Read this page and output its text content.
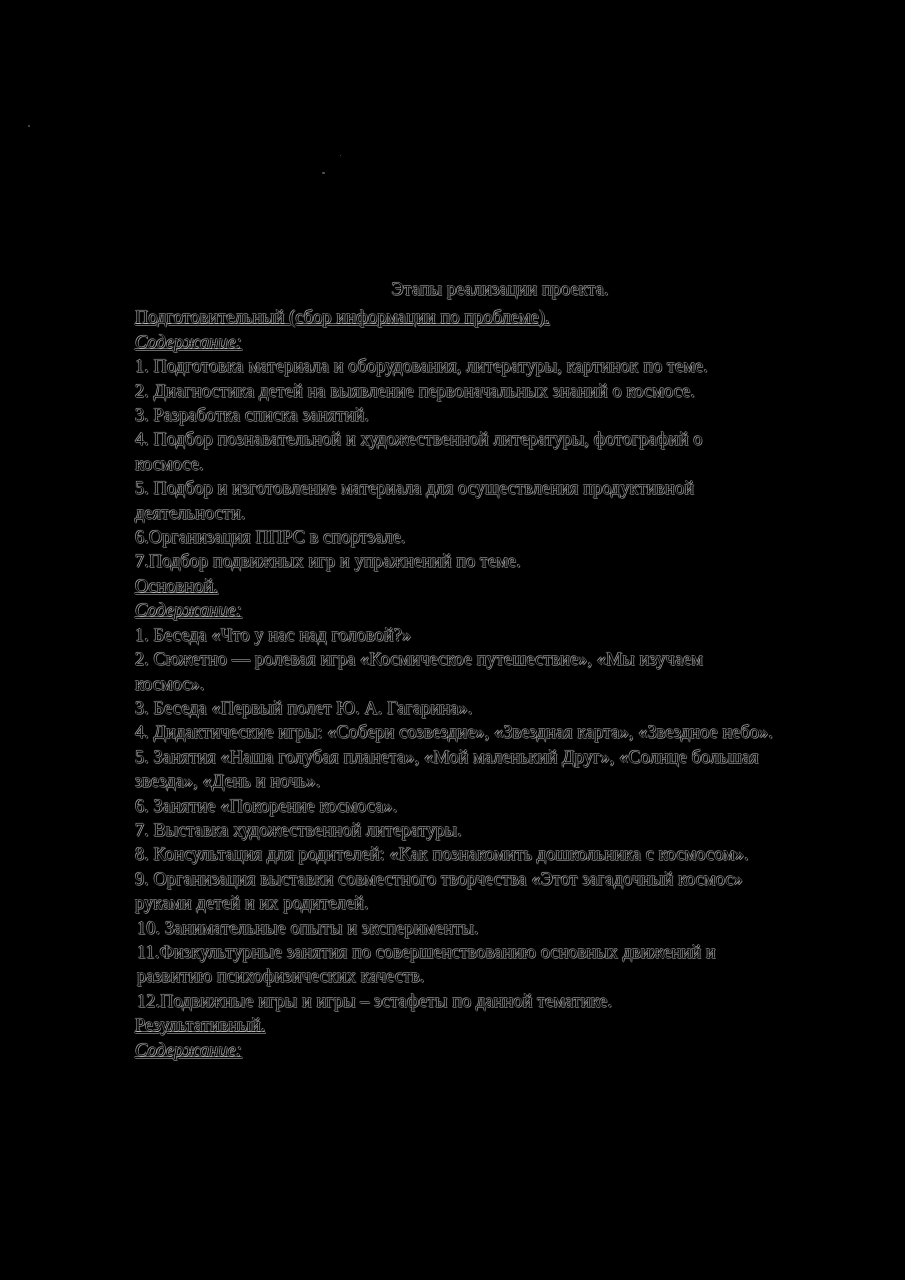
Этапы реализации проекта.

Подготовительный (сбор информации по проблеме).

Содержание:

1. Подготовка материала и оборудования, литературы, картинок по теме.

2. Диагностика детей на выявление первоначальных знаний о космосе.

3. Разработка списка занятий.

4. Подбор познавательной и художественной литературы, фотографий о космосе.

5. Подбор и изготовление материала для осуществления продуктивной деятельности.

6.Организация ППРС в спортзале.

7.Подбор подвижных игр и упражнений по теме.

Основной.

Содержание:

1. Беседа «Что у нас над головой?»

2. Сюжетно — ролевая игра «Космическое путешествие», «Мы изучаем космос».

3. Беседа «Первый полет Ю. А. Гагарина».

4. Дидактические игры: «Собери созвездие», «Звездная карта», «Звездное небо».

5. Занятия «Наша голубая планета», «Мой маленький Друг», «Солнце большая звезда», «День и ночь».

6. Занятие «Покорение космоса».

7. Выставка художественной литературы.

8. Консультация для родителей: «Как познакомить дошкольника с космосом».

9. Организация выставки совместного творчества «Этот загадочный космос» руками детей и их родителей.

10. Занимательные опыты и эксперименты.

11.Физкультурные занятия по совершенствованию основных движений и развитию психофизических качеств.

12.Подвижные игры и игры – эстафеты по данной тематике.

Результативный.

Содержание:
